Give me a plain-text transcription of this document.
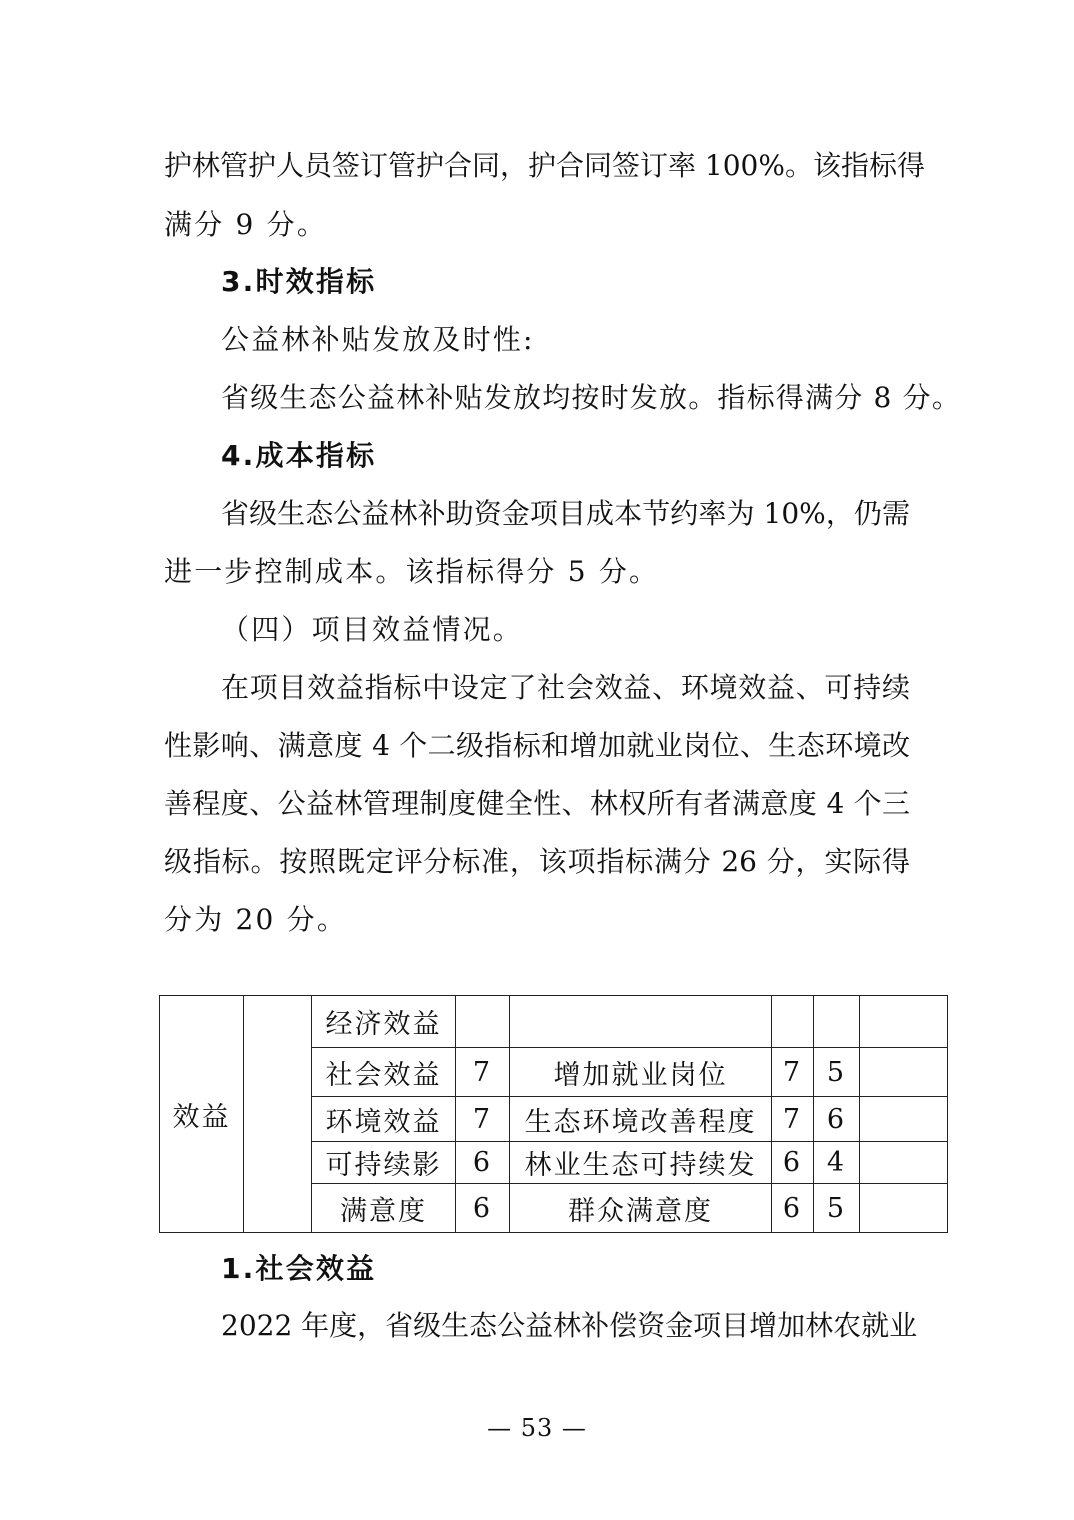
护林管护人员签订管护合同，护合同签订率 100%。该指标得
满分 9 分。
3.时效指标
公益林补贴发放及时性:
省级生态公益林补贴发放均按时发放。指标得满分 8 分。
4.成本指标
省级生态公益林补助资金项目成本节约率为 10%，仍需
进一步控制成本。该指标得分 5 分。
（四）项目效益情况。
在项目效益指标中设定了社会效益、环境效益、可持续
性影响、满意度 4 个二级指标和增加就业岗位、生态环境改
善程度、公益林管理制度健全性、林权所有者满意度 4 个三
级指标。按照既定评分标准，该项指标满分 26 分，实际得
分为 20 分。
效益		经济效益					
		社会效益	7	增加就业岗位	7	5	
		环境效益	7	生态环境改善程度	7	6	
		可持续影	6	林业生态可持续发	6	4	
		满意度	6	群众满意度	6	5	
1.社会效益
2022 年度，省级生态公益林补偿资金项目增加林农就业
— 53 —
